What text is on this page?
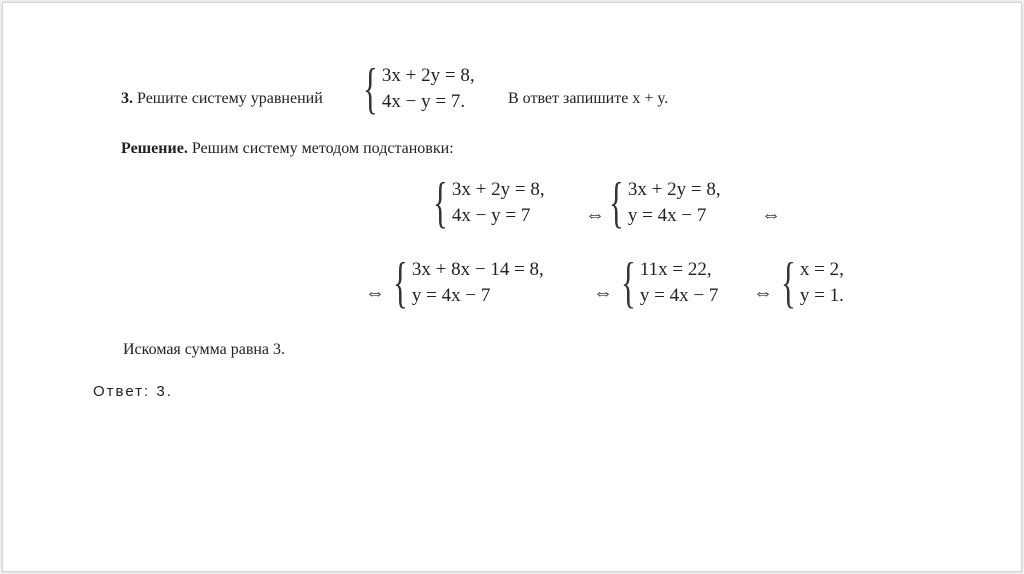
3. Решите систему уравнений { 3x + 2y = 8,
4x − y = 7.	В ответ запишите x + y.
Решение. Решим систему методом подстановки:
{ 3x + 2y = 8,
4x − y = 7	⇔ { 3x + 2y = 8,
y = 4x − 7	⇔
⇔ { 3x + 8x − 14 = 8,
y = 4x − 7	⇔ { 11x = 22,
y = 4x − 7 ⇔ { x = 2,
y = 1.
Искомая сумма равна 3.
Ответ: 3.
